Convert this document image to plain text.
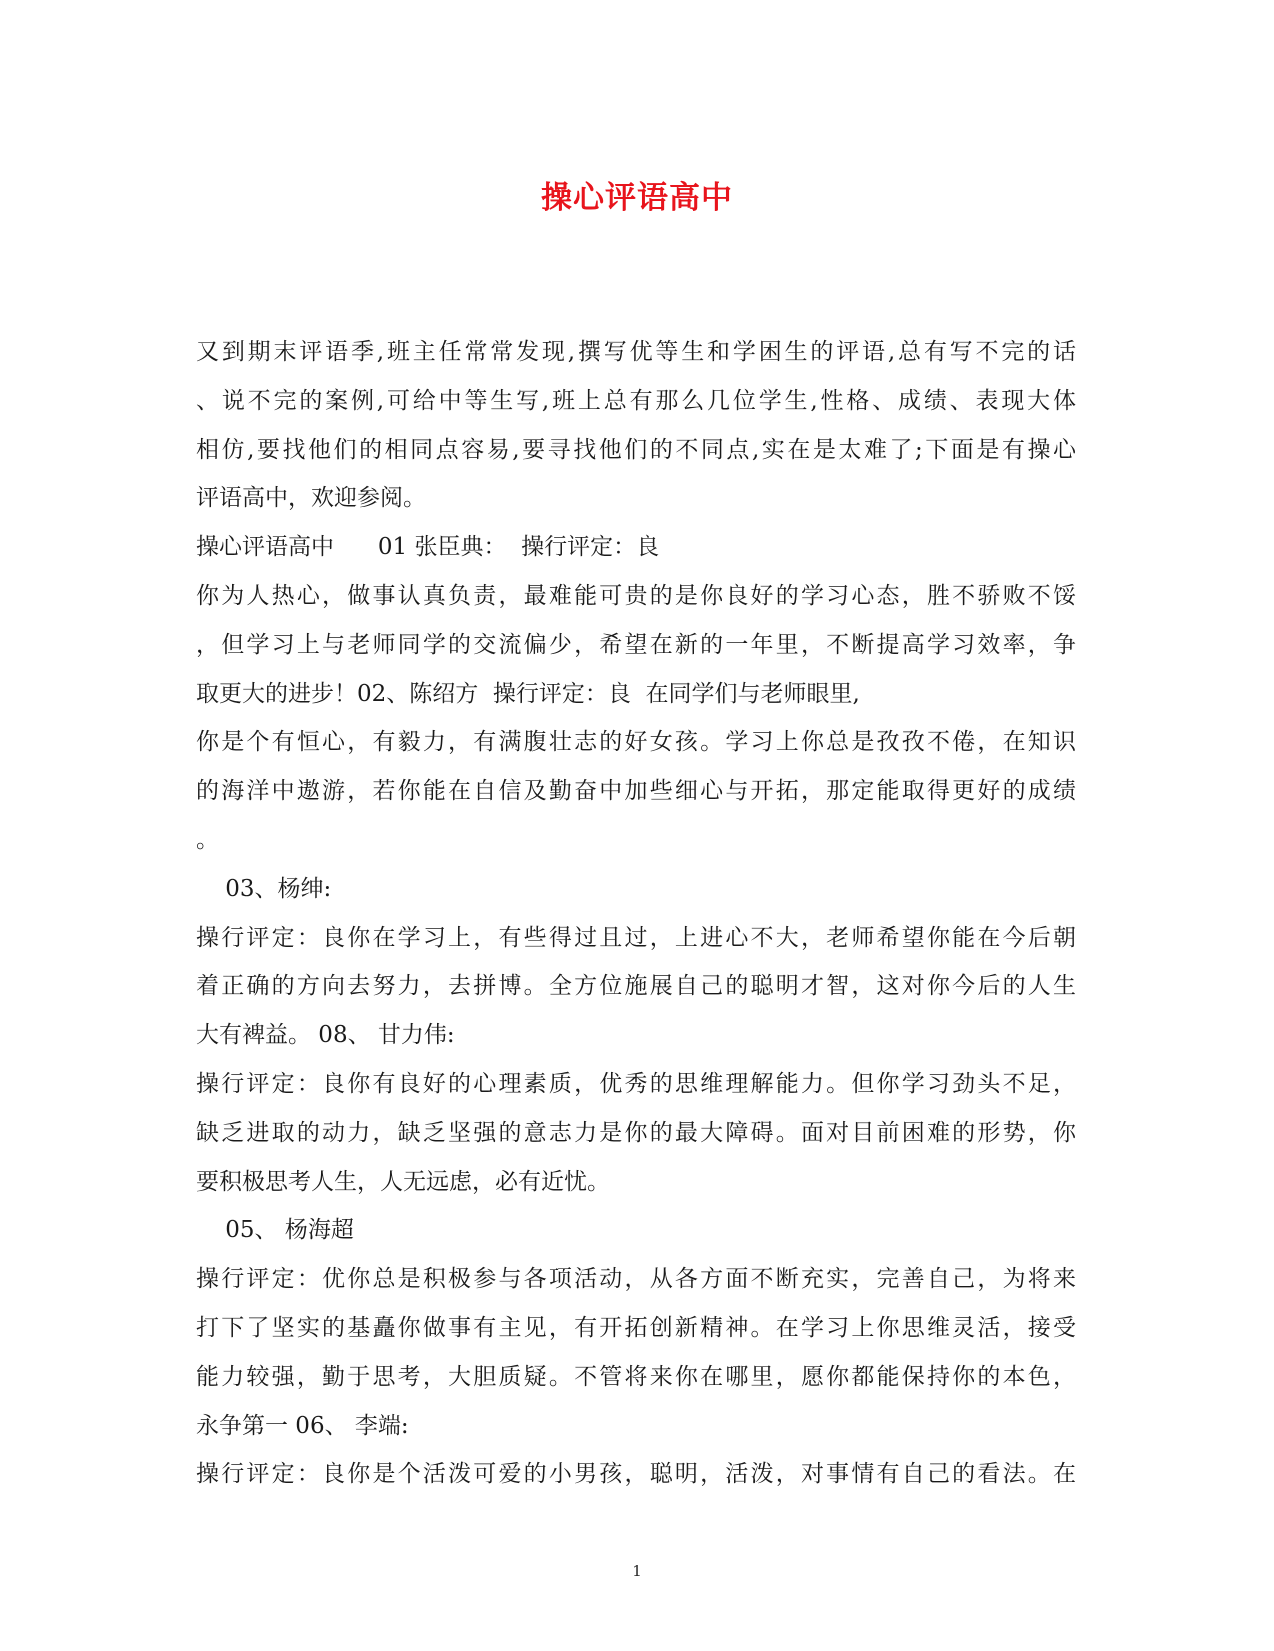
操心评语高中

又到期末评语季,班主任常常发现,撰写优等生和学困生的评语,总有写不完的话

、说不完的案例,可给中等生写,班上总有那么几位学生,性格、成绩、表现大体

相仿,要找他们的相同点容易,要寻找他们的不同点,实在是太难了;下面是有操心

评语高中，欢迎参阅。

操心评语高中      01 张臣典：  操行评定：良

你为人热心，做事认真负责，最难能可贵的是你良好的学习心态，胜不骄败不馁

，但学习上与老师同学的交流偏少，希望在新的一年里，不断提高学习效率，争

取更大的进步！02、陈绍方  操行评定：良  在同学们与老师眼里,

你是个有恒心，有毅力，有满腹壮志的好女孩。学习上你总是孜孜不倦，在知识

的海洋中遨游，若你能在自信及勤奋中加些细心与开拓，那定能取得更好的成绩

。

03、杨绅:

操行评定：良你在学习上，有些得过且过，上进心不大，老师希望你能在今后朝

着正确的方向去努力，去拼博。全方位施展自己的聪明才智，这对你今后的人生

大有裨益。 08、 甘力伟:

操行评定：良你有良好的心理素质，优秀的思维理解能力。但你学习劲头不足，

缺乏进取的动力，缺乏坚强的意志力是你的最大障碍。面对目前困难的形势，你

要积极思考人生，人无远虑，必有近忧。

05、 杨海超

操行评定：优你总是积极参与各项活动，从各方面不断充实，完善自己，为将来

打下了坚实的基矗你做事有主见，有开拓创新精神。在学习上你思维灵活，接受

能力较强，勤于思考，大胆质疑。不管将来你在哪里，愿你都能保持你的本色，

永争第一 06、 李端:

操行评定：良你是个活泼可爱的小男孩，聪明，活泼，对事情有自己的看法。在

1
